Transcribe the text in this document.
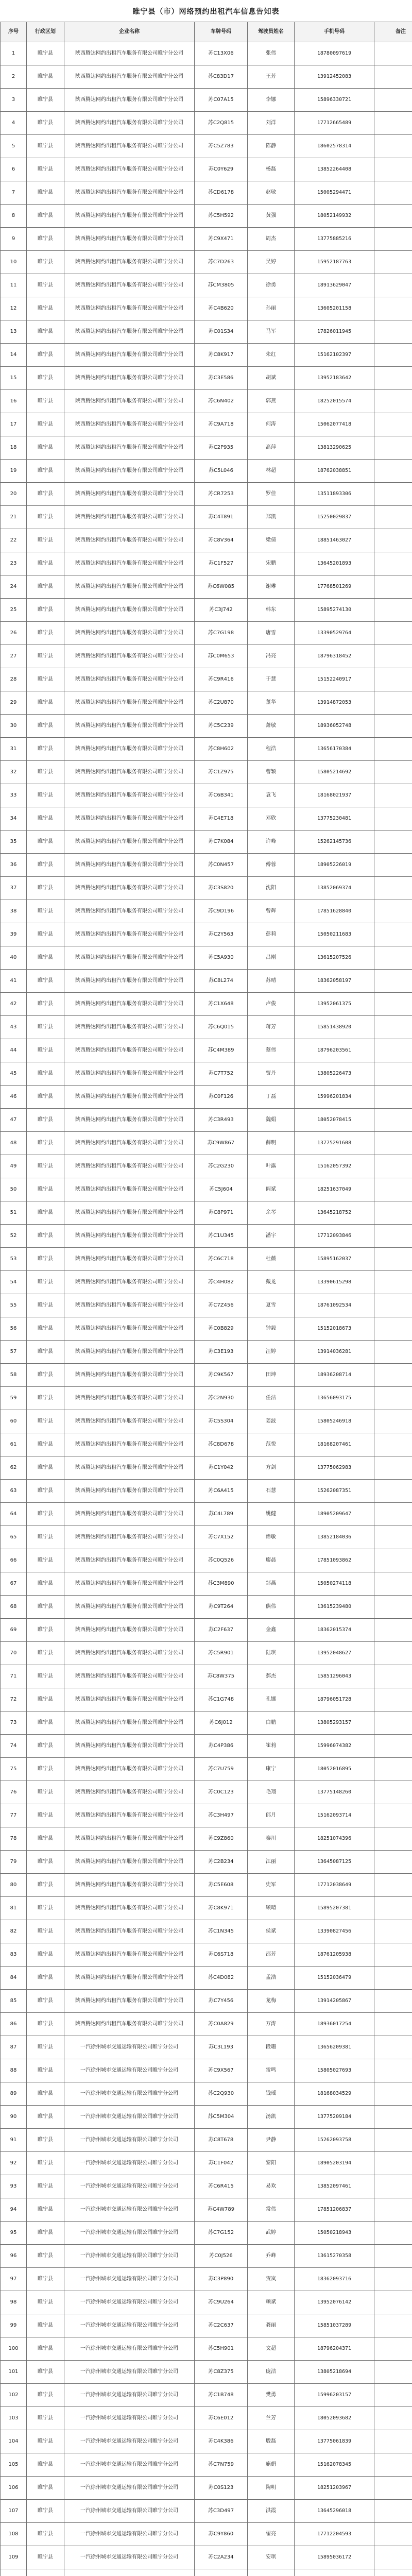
睢宁县（市）网络预约出租汽车信息告知表
序号	行政区划	企业名称	车牌号码	驾驶员姓名	手机号码	备注
1	睢宁县	陕西腾达网约出租汽车服务有限公司睢宁分公司	苏C13X06	张伟	18780097619	
2	睢宁县	陕西腾达网约出租汽车服务有限公司睢宁分公司	苏C83D17	王芳	13912452083	
3	睢宁县	陕西腾达网约出租汽车服务有限公司睢宁分公司	苏C07A15	李娜	15896330721	
4	睢宁县	陕西腾达网约出租汽车服务有限公司睢宁分公司	苏C2Q815	刘洋	17712665489	
5	睢宁县	陕西腾达网约出租汽车服务有限公司睢宁分公司	苏C5Z783	陈静	18602578314	
6	睢宁县	陕西腾达网约出租汽车服务有限公司睢宁分公司	苏C0Y629	杨磊	13852264408	
7	睢宁县	陕西腾达网约出租汽车服务有限公司睢宁分公司	苏CD6178	赵敏	15005294471	
8	睢宁县	陕西腾达网约出租汽车服务有限公司睢宁分公司	苏C5H592	黄强	18052149932	
9	睢宁县	陕西腾达网约出租汽车服务有限公司睢宁分公司	苏C9X471	周杰	13775885216	
10	睢宁县	陕西腾达网约出租汽车服务有限公司睢宁分公司	苏C7D263	吴婷	15952187763	
11	睢宁县	陕西腾达网约出租汽车服务有限公司睢宁分公司	苏CM3805	徐勇	18913629047	
12	睢宁县	陕西腾达网约出租汽车服务有限公司睢宁分公司	苏C4B620	孙丽	13605201158	
13	睢宁县	陕西腾达网约出租汽车服务有限公司睢宁分公司	苏C01S34	马军	17826011945	
14	睢宁县	陕西腾达网约出租汽车服务有限公司睢宁分公司	苏C8K917	朱红	15162102397	
15	睢宁县	陕西腾达网约出租汽车服务有限公司睢宁分公司	苏C3E586	胡斌	13952183642	
16	睢宁县	陕西腾达网约出租汽车服务有限公司睢宁分公司	苏C6N402	郭燕	18252015574	
17	睢宁县	陕西腾达网约出租汽车服务有限公司睢宁分公司	苏C9A718	何涛	15062077418	
18	睢宁县	陕西腾达网约出租汽车服务有限公司睢宁分公司	苏C2P935	高萍	13813290625	
19	睢宁县	陕西腾达网约出租汽车服务有限公司睢宁分公司	苏C5L046	林超	18762038851	
20	睢宁县	陕西腾达网约出租汽车服务有限公司睢宁分公司	苏CR7253	罗佳	13511893306	
21	睢宁县	陕西腾达网约出租汽车服务有限公司睢宁分公司	苏C4T891	郑凯	15250029837	
22	睢宁县	陕西腾达网约出租汽车服务有限公司睢宁分公司	苏C8V364	梁倩	18851463027	
23	睢宁县	陕西腾达网约出租汽车服务有限公司睢宁分公司	苏C1F527	宋鹏	13645201893	
24	睢宁县	陕西腾达网约出租汽车服务有限公司睢宁分公司	苏C6W085	谢琳	17768501269	
25	睢宁县	陕西腾达网约出租汽车服务有限公司睢宁分公司	苏C3J742	韩东	15895274130	
26	睢宁县	陕西腾达网约出租汽车服务有限公司睢宁分公司	苏C7G198	唐雪	13390529764	
27	睢宁县	陕西腾达网约出租汽车服务有限公司睢宁分公司	苏C0M653	冯亮	18796318452	
28	睢宁县	陕西腾达网约出租汽车服务有限公司睢宁分公司	苏C9R416	于慧	15152240917	
29	睢宁县	陕西腾达网约出租汽车服务有限公司睢宁分公司	苏C2U870	董华	13914872053	
30	睢宁县	陕西腾达网约出租汽车服务有限公司睢宁分公司	苏C5C239	萧敏	18936052748	
31	睢宁县	陕西腾达网约出租汽车服务有限公司睢宁分公司	苏C8H602	程浩	13656170384	
32	睢宁县	陕西腾达网约出租汽车服务有限公司睢宁分公司	苏C1Z975	曹颖	15805214692	
33	睢宁县	陕西腾达网约出租汽车服务有限公司睢宁分公司	苏C6B341	袁飞	18168021937	
34	睢宁县	陕西腾达网约出租汽车服务有限公司睢宁分公司	苏C4E718	邓欣	13775230481	
35	睢宁县	陕西腾达网约出租汽车服务有限公司睢宁分公司	苏C7K084	许峰	15262145736	
36	睢宁县	陕西腾达网约出租汽车服务有限公司睢宁分公司	苏C0N457	傅蓉	18905226019	
37	睢宁县	陕西腾达网约出租汽车服务有限公司睢宁分公司	苏C3S820	沈阳	13852069374	
38	睢宁县	陕西腾达网约出租汽车服务有限公司睢宁分公司	苏C9D196	曾辉	17851628840	
39	睢宁县	陕西腾达网约出租汽车服务有限公司睢宁分公司	苏C2Y563	彭莉	15050211683	
40	睢宁县	陕西腾达网约出租汽车服务有限公司睢宁分公司	苏C5A930	吕刚	13615207526	
41	睢宁县	陕西腾达网约出租汽车服务有限公司睢宁分公司	苏C8L274	苏晴	18362058197	
42	睢宁县	陕西腾达网约出租汽车服务有限公司睢宁分公司	苏C1X648	卢俊	13952061375	
43	睢宁县	陕西腾达网约出租汽车服务有限公司睢宁分公司	苏C6Q015	蒋芳	15851438920	
44	睢宁县	陕西腾达网约出租汽车服务有限公司睢宁分公司	苏C4M389	蔡伟	18796203561	
45	睢宁县	陕西腾达网约出租汽车服务有限公司睢宁分公司	苏C7T752	贾丹	13805226473	
46	睢宁县	陕西腾达网约出租汽车服务有限公司睢宁分公司	苏C0F126	丁磊	15996201834	
47	睢宁县	陕西腾达网约出租汽车服务有限公司睢宁分公司	苏C3R493	魏娟	18052078415	
48	睢宁县	陕西腾达网约出租汽车服务有限公司睢宁分公司	苏C9W867	薛明	13775291608	
49	睢宁县	陕西腾达网约出租汽车服务有限公司睢宁分公司	苏C2G230	叶露	15162057392	
50	睢宁县	陕西腾达网约出租汽车服务有限公司睢宁分公司	苏C5J604	阎斌	18251637049	
51	睢宁县	陕西腾达网约出租汽车服务有限公司睢宁分公司	苏C8P971	余琴	13645218752	
52	睢宁县	陕西腾达网约出租汽车服务有限公司睢宁分公司	苏C1U345	潘宇	17712093846	
53	睢宁县	陕西腾达网约出租汽车服务有限公司睢宁分公司	苏C6C718	杜薇	15895162037	
54	睢宁县	陕西腾达网约出租汽车服务有限公司睢宁分公司	苏C4H082	戴龙	13390615298	
55	睢宁县	陕西腾达网约出租汽车服务有限公司睢宁分公司	苏C7Z456	夏雪	18761092534	
56	睢宁县	陕西腾达网约出租汽车服务有限公司睢宁分公司	苏C0B829	钟毅	15152018673	
57	睢宁县	陕西腾达网约出租汽车服务有限公司睢宁分公司	苏C3E193	汪婷	13914036281	
58	睢宁县	陕西腾达网约出租汽车服务有限公司睢宁分公司	苏C9K567	田坤	18936208714	
59	睢宁县	陕西腾达网约出租汽车服务有限公司睢宁分公司	苏C2N930	任洁	13656093175	
60	睢宁县	陕西腾达网约出租汽车服务有限公司睢宁分公司	苏C5S304	姜波	15805246918	
61	睢宁县	陕西腾达网约出租汽车服务有限公司睢宁分公司	苏C8D678	范悦	18168207461	
62	睢宁县	陕西腾达网约出租汽车服务有限公司睢宁分公司	苏C1Y042	方剑	13775062983	
63	睢宁县	陕西腾达网约出租汽车服务有限公司睢宁分公司	苏C6A415	石慧	15262087351	
64	睢宁县	陕西腾达网约出租汽车服务有限公司睢宁分公司	苏C4L789	姚健	18905209647	
65	睢宁县	陕西腾达网约出租汽车服务有限公司睢宁分公司	苏C7X152	谭敏	13852184036	
66	睢宁县	陕西腾达网约出租汽车服务有限公司睢宁分公司	苏C0Q526	廖晨	17851093862	
67	睢宁县	陕西腾达网约出租汽车服务有限公司睢宁分公司	苏C3M890	邹燕	15050274118	
68	睢宁县	陕西腾达网约出租汽车服务有限公司睢宁分公司	苏C9T264	熊伟	13615239480	
69	睢宁县	陕西腾达网约出租汽车服务有限公司睢宁分公司	苏C2F637	金鑫	18362015374	
70	睢宁县	陕西腾达网约出租汽车服务有限公司睢宁分公司	苏C5R901	陆琪	13952048627	
71	睢宁县	陕西腾达网约出租汽车服务有限公司睢宁分公司	苏C8W375	郝杰	15851296043	
72	睢宁县	陕西腾达网约出租汽车服务有限公司睢宁分公司	苏C1G748	孔娜	18796051728	
73	睢宁县	陕西腾达网约出租汽车服务有限公司睢宁分公司	苏C6J012	白鹏	13805293157	
74	睢宁县	陕西腾达网约出租汽车服务有限公司睢宁分公司	苏C4P386	崔莉	15996074382	
75	睢宁县	陕西腾达网约出租汽车服务有限公司睢宁分公司	苏C7U759	康宁	18052016895	
76	睢宁县	陕西腾达网约出租汽车服务有限公司睢宁分公司	苏C0C123	毛翔	13775148260	
77	睢宁县	陕西腾达网约出租汽车服务有限公司睢宁分公司	苏C3H497	邱月	15162093714	
78	睢宁县	陕西腾达网约出租汽车服务有限公司睢宁分公司	苏C9Z860	秦川	18251074396	
79	睢宁县	陕西腾达网约出租汽车服务有限公司睢宁分公司	苏C2B234	江丽	13645087125	
80	睢宁县	陕西腾达网约出租汽车服务有限公司睢宁分公司	苏C5E608	史军	17712038649	
81	睢宁县	陕西腾达网约出租汽车服务有限公司睢宁分公司	苏C8K971	顾晴	15895207381	
82	睢宁县	陕西腾达网约出租汽车服务有限公司睢宁分公司	苏C1N345	侯斌	13390827456	
83	睢宁县	陕西腾达网约出租汽车服务有限公司睢宁分公司	苏C6S718	邵芳	18761205938	
84	睢宁县	陕西腾达网约出租汽车服务有限公司睢宁分公司	苏C4D082	孟浩	15152036479	
85	睢宁县	陕西腾达网约出租汽车服务有限公司睢宁分公司	苏C7Y456	龙梅	13914205867	
86	睢宁县	陕西腾达网约出租汽车服务有限公司睢宁分公司	苏C0A829	万涛	18936017254	
87	睢宁县	一汽徐州城市交通运输有限公司睢宁分公司	苏C3L193	段珊	13656209381	
88	睢宁县	一汽徐州城市交通运输有限公司睢宁分公司	苏C9X567	雷鸣	15805027693	
89	睢宁县	一汽徐州城市交通运输有限公司睢宁分公司	苏C2Q930	钱瑶	18168034529	
90	睢宁县	一汽徐州城市交通运输有限公司睢宁分公司	苏C5M304	汤凯	13775209184	
91	睢宁县	一汽徐州城市交通运输有限公司睢宁分公司	苏C8T678	尹静	15262093758	
92	睢宁县	一汽徐州城市交通运输有限公司睢宁分公司	苏C1F042	黎阳	18905203194	
93	睢宁县	一汽徐州城市交通运输有限公司睢宁分公司	苏C6R415	易欢	13852097461	
94	睢宁县	一汽徐州城市交通运输有限公司睢宁分公司	苏C4W789	常伟	17851206837	
95	睢宁县	一汽徐州城市交通运输有限公司睢宁分公司	苏C7G152	武婷	15050218943	
96	睢宁县	一汽徐州城市交通运输有限公司睢宁分公司	苏C0J526	乔峰	13615270358	
97	睢宁县	一汽徐州城市交通运输有限公司睢宁分公司	苏C3P890	贺岚	18362093716	
98	睢宁县	一汽徐州城市交通运输有限公司睢宁分公司	苏C9U264	赖斌	13952076142	
99	睢宁县	一汽徐州城市交通运输有限公司睢宁分公司	苏C2C637	龚丽	15851037289	
100	睢宁县	一汽徐州城市交通运输有限公司睢宁分公司	苏C5H901	文超	18796204371	
101	睢宁县	一汽徐州城市交通运输有限公司睢宁分公司	苏C8Z375	庞洁	13805218694	
102	睢宁县	一汽徐州城市交通运输有限公司睢宁分公司	苏C1B748	樊勇	15996203157	
103	睢宁县	一汽徐州城市交通运输有限公司睢宁分公司	苏C6E012	兰芳	18052093682	
104	睢宁县	一汽徐州城市交通运输有限公司睢宁分公司	苏C4K386	殷磊	13775061839	
105	睢宁县	一汽徐州城市交通运输有限公司睢宁分公司	苏C7N759	施娟	15162078345	
106	睢宁县	一汽徐州城市交通运输有限公司睢宁分公司	苏C0S123	陶明	18251203967	
107	睢宁县	一汽徐州城市交通运输有限公司睢宁分公司	苏C3D497	洪霞	13645296018	
108	睢宁县	一汽徐州城市交通运输有限公司睢宁分公司	苏C9Y860	翟亮	17712204593	
109	睢宁县	一汽徐州城市交通运输有限公司睢宁分公司	苏C2A234	安琪	15895036172	
